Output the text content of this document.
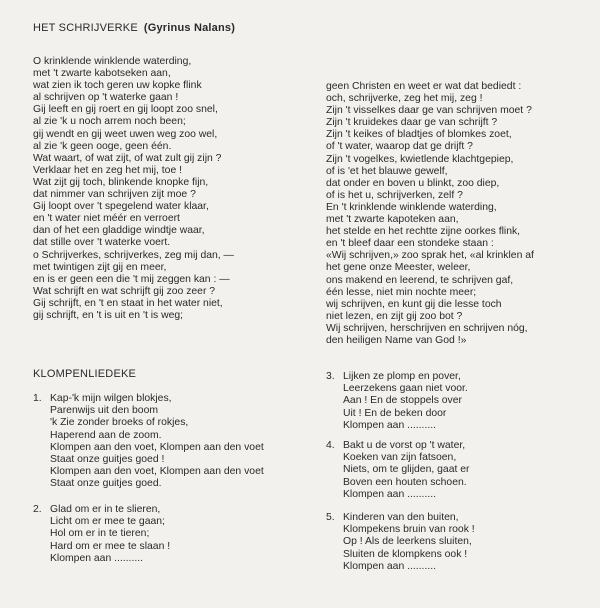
HET SCHRIJVERKE (Gyrinus Nalans)
O krinklende winklende waterding,
met 't zwarte kabotseken aan,
wat zien ik toch geren uw kopke flink
al schrijven op 't waterke gaan !
Gij leeft en gij roert en gij loopt zoo snel,
al zie 'k u noch arrem noch been;
gij wendt en gij weet uwen weg zoo wel,
al zie 'k geen ooge, geen één.
Wat waart, of wat zijt, of wat zult gij zijn ?
Verklaar het en zeg het mij, toe !
Wat zijt gij toch, blinkende knopke fijn,
dat nimmer van schrijven zijt moe ?
Gij loopt over 't spegelend water klaar,
en 't water niet méér en verroert
dan of het een gladdige windtje waar,
dat stille over 't waterke voert.
o Schrijverkes, schrijverkes, zeg mij dan, —
met twintigen zijt gij en meer,
en is er geen een die 't mij zeggen kan : —
Wat schrijft en wat schrijft gij zoo zeer ?
Gij schrijft, en 't en staat in het water niet,
gij schrijft, en 't is uit en 't is weg;
geen Christen en weet er wat dat bediedt :
och, schrijverke, zeg het mij, zeg !
Zijn 't visselkes daar ge van schrijven moet ?
Zijn 't kruidekes daar ge van schrijft ?
Zijn 't keikes of bladtjes of blomkes zoet,
of 't water, waarop dat ge drijft ?
Zijn 't vogelkes, kwietlende klachtgepiep,
of is 'et het blauwe gewelf,
dat onder en boven u blinkt, zoo diep,
of is het u, schrijverken, zelf ?
En 't krinklende winklende waterding,
met 't zwarte kapoteken aan,
het stelde en het rechtte zijne oorkes flink,
en 't bleef daar een stondeke staan :
«Wij schrijven,» zoo sprak het, «al krinklen af
het gene onze Meester, weleer,
ons makend en leerend, te schrijven gaf,
één lesse, niet min nochte meer;
wij schrijven, en kunt gij die lesse toch
niet lezen, en zijt gij zoo bot ?
Wij schrijven, herschrijven en schrijven nóg,
den heiligen Name van God !»
KLOMPENLIEDEKE
1. Kap-'k mijn wilgen blokjes,
Parenwijs uit den boom
'k Zie zonder broeks of rokjes,
Haperend aan de zoom.
Klompen aan den voet, Klompen aan den voet
Staat onze guitjes goed !
Klompen aan den voet, Klompen aan den voet
Staat onze guitjes goed.
2. Glad om er in te slieren,
Licht om er mee te gaan;
Hol om er in te tieren;
Hard om er mee te slaan !
Klompen aan ..........
3. Lijken ze plomp en pover,
Leerzekens gaan niet voor.
Aan ! En de stoppels over
Uit ! En de beken door
Klompen aan ..........
4. Bakt u de vorst op 't water,
Koeken van zijn fatsoen,
Niets, om te glijden, gaat er
Boven een houten schoen.
Klompen aan ..........
5. Kinderen van den buiten,
Klompekens bruin van rook !
Op ! Als de leerkens sluiten,
Sluiten de klompkens ook !
Klompen aan ..........
